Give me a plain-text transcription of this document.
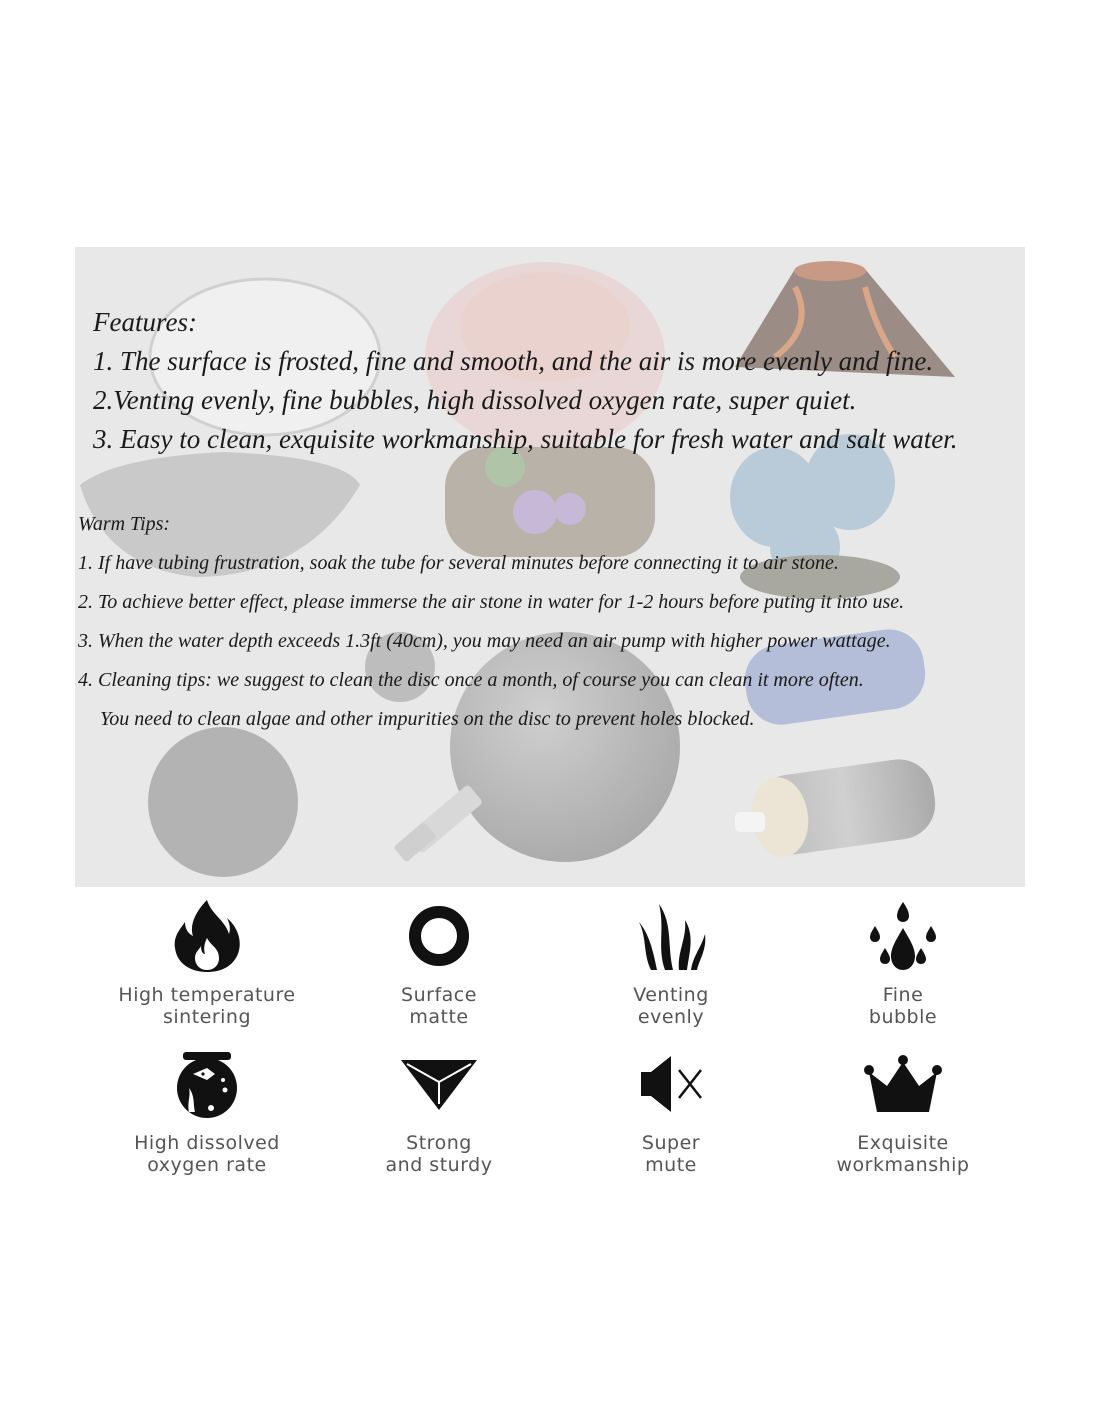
Features:
1. The surface is frosted, fine and smooth, and the air is more evenly and fine.
2.Venting evenly, fine bubbles, high dissolved oxygen rate, super quiet.
3. Easy to clean, exquisite workmanship, suitable for fresh water and salt water.
Warm Tips:
1. If have tubing frustration, soak the tube for several minutes before connecting it to air stone.
2. To achieve better effect, please immerse the air stone in water for 1-2 hours before puting it into use.
3. When the water depth exceeds 1.3ft (40cm), you may need an air pump with higher power wattage.
4. Cleaning tips: we suggest to clean the disc once a month, of course you can clean it more often.
You need to clean algae and other impurities on the disc to prevent holes blocked.
High temperature
sintering
Surface
matte
Venting
evenly
Fine
bubble
High dissolved
oxygen rate
Strong
and sturdy
Super
mute
Exquisite
workmanship
